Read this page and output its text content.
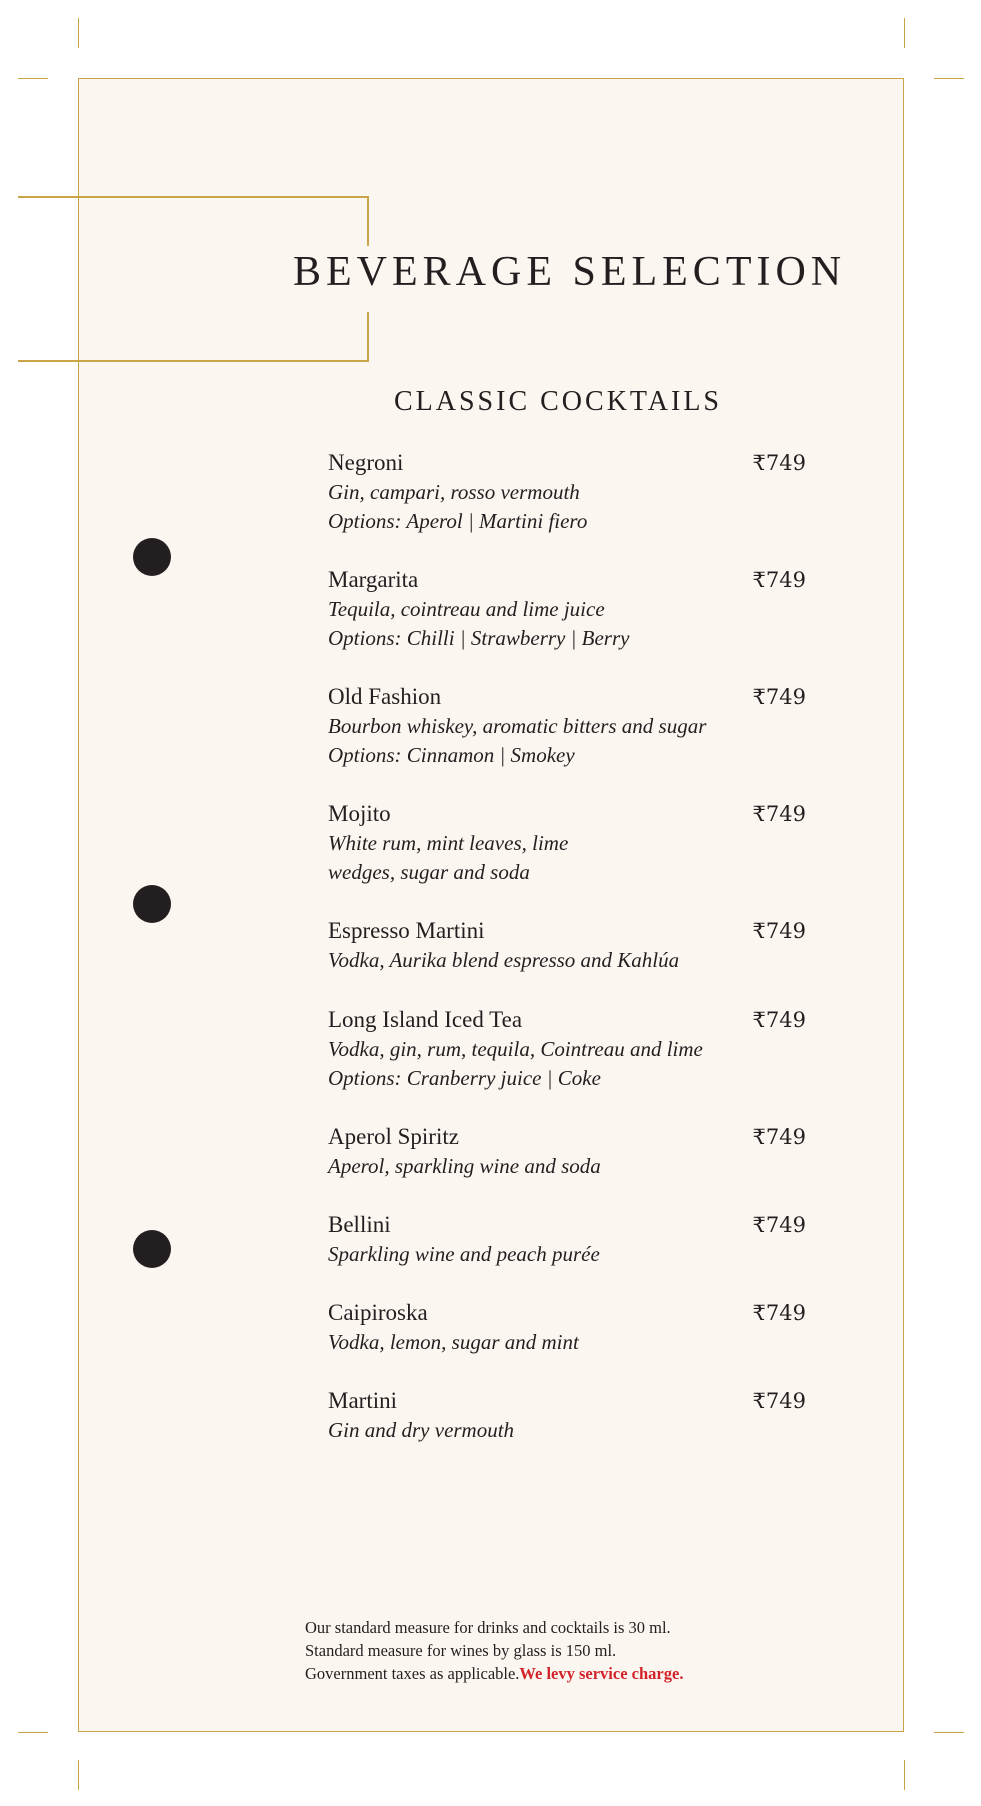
BEVERAGE SELECTION
CLASSIC COCKTAILS
Negroni	₹749
Gin, campari, rosso vermouth
Options: Aperol | Martini fiero
Margarita	₹749
Tequila, cointreau and lime juice
Options: Chilli | Strawberry | Berry
Old Fashion	₹749
Bourbon whiskey, aromatic bitters and sugar
Options: Cinnamon | Smokey
Mojito	₹749
White rum, mint leaves, lime
wedges, sugar and soda
Espresso Martini	₹749
Vodka, Aurika blend espresso and Kahlúa
Long Island Iced Tea	₹749
Vodka, gin, rum, tequila, Cointreau and lime
Options: Cranberry juice | Coke
Aperol Spiritz	₹749
Aperol, sparkling wine and soda
Bellini	₹749
Sparkling wine and peach purée
Caipiroska	₹749
Vodka, lemon, sugar and mint
Martini	₹749
Gin and dry vermouth
Our standard measure for drinks and cocktails is 30 ml.
Standard measure for wines by glass is 150 ml.
Government taxes as applicable.We levy service charge.
